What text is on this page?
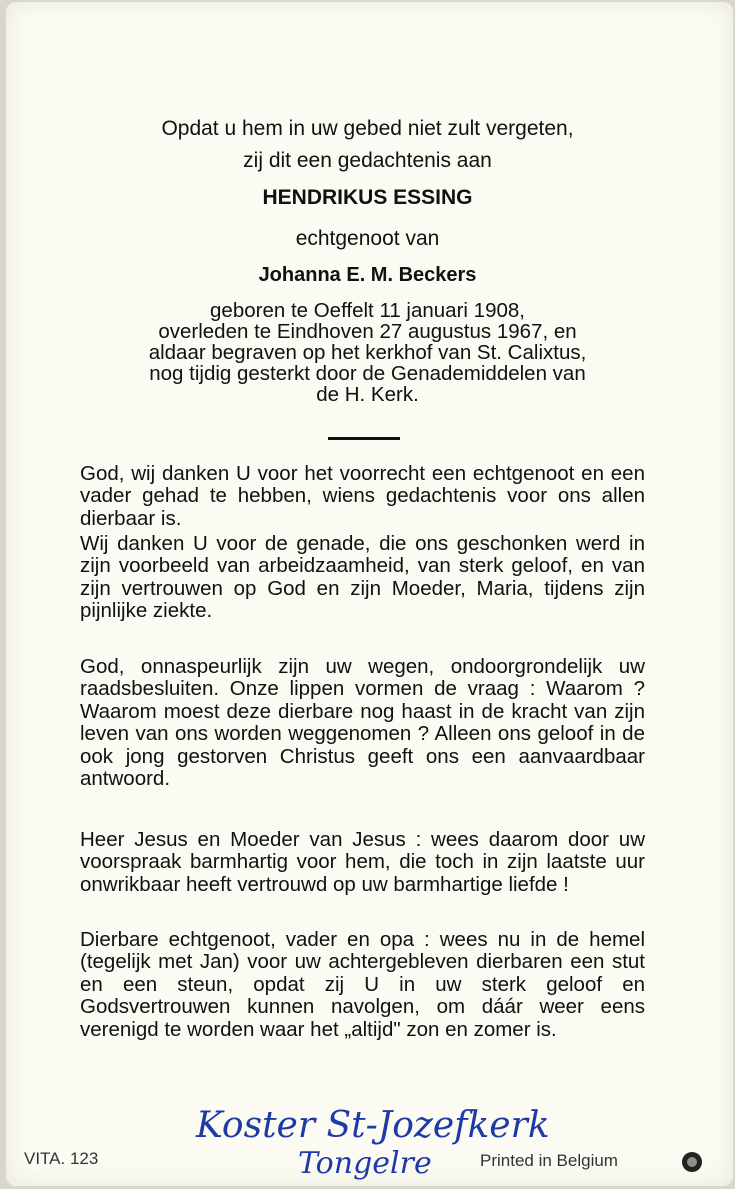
Opdat u hem in uw gebed niet zult vergeten,
zij dit een gedachtenis aan
HENDRIKUS ESSING
echtgenoot van
Johanna E. M. Beckers
geboren te Oeffelt 11 januari 1908,
overleden te Eindhoven 27 augustus 1967, en
aldaar begraven op het kerkhof van St. Calixtus,
nog tijdig gesterkt door de Genademiddelen van
de H. Kerk.

God, wij danken U voor het voorrecht een echtgenoot en een vader gehad te hebben, wiens gedachtenis voor ons allen dierbaar is.

Wij danken U voor de genade, die ons geschonken werd in zijn voorbeeld van arbeidzaamheid, van sterk geloof, en van zijn vertrouwen op God en zijn Moeder, Maria, tijdens zijn pijnlijke ziekte.

God, onnaspeurlijk zijn uw wegen, ondoorgrondelijk uw raadsbesluiten. Onze lippen vormen de vraag : Waarom ? Waarom moest deze dierbare nog haast in de kracht van zijn leven van ons worden weggenomen ? Alleen ons geloof in de ook jong gestorven Christus geeft ons een aanvaardbaar antwoord.

Heer Jesus en Moeder van Jesus : wees daarom door uw voorspraak barmhartig voor hem, die toch in zijn laatste uur onwrikbaar heeft vertrouwd op uw barmhartige liefde !

Dierbare echtgenoot, vader en opa : wees nu in de hemel (tegelijk met Jan) voor uw achtergebleven dierbaren een stut en een steun, opdat zij U in uw sterk geloof en Godsvertrouwen kunnen navolgen, om dáár weer eens verenigd te worden waar het „altijd" zon en zomer is.

Koster St-Jozefkerk
Tongelre
VITA. 123	Printed in Belgium
